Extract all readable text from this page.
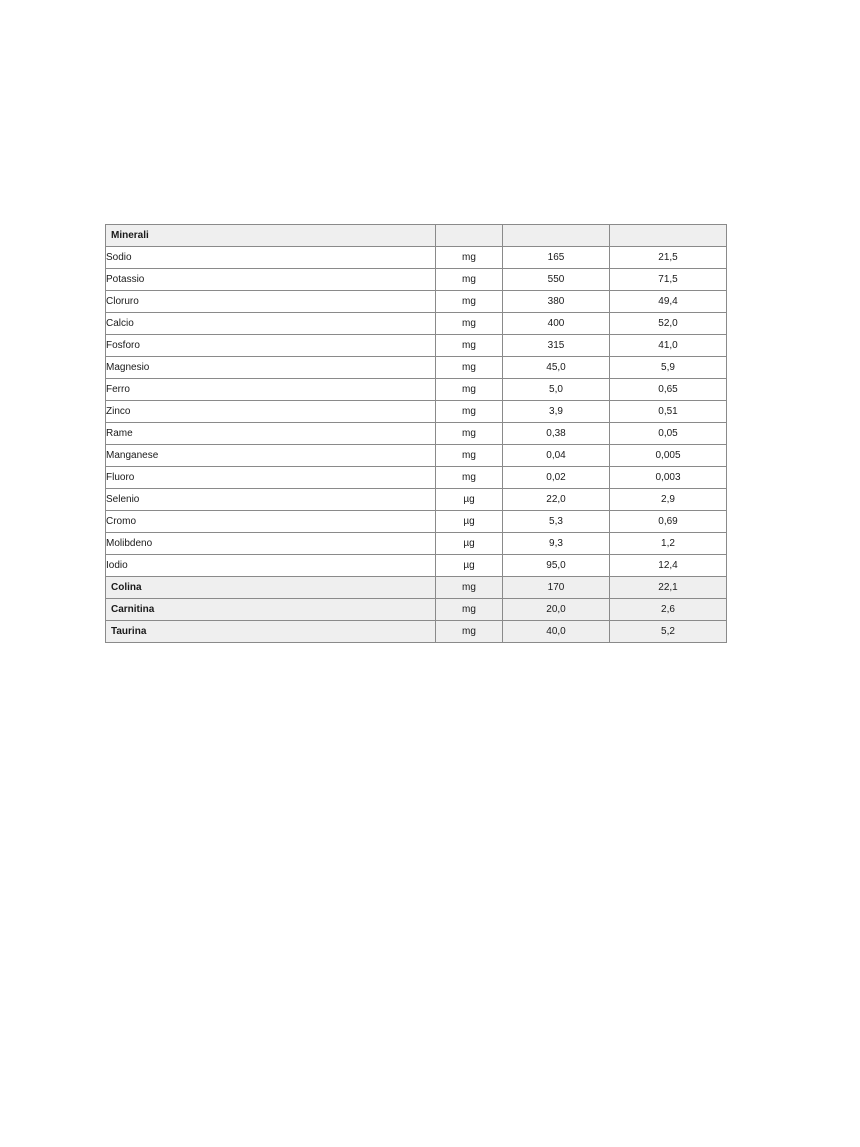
Minerali			
Sodio	mg	165	21,5
Potassio	mg	550	71,5
Cloruro	mg	380	49,4
Calcio	mg	400	52,0
Fosforo	mg	315	41,0
Magnesio	mg	45,0	5,9
Ferro	mg	5,0	0,65
Zinco	mg	3,9	0,51
Rame	mg	0,38	0,05
Manganese	mg	0,04	0,005
Fluoro	mg	0,02	0,003
Selenio	µg	22,0	2,9
Cromo	µg	5,3	0,69
Molibdeno	µg	9,3	1,2
Iodio	µg	95,0	12,4
Colina	mg	170	22,1
Carnitina	mg	20,0	2,6
Taurina	mg	40,0	5,2
